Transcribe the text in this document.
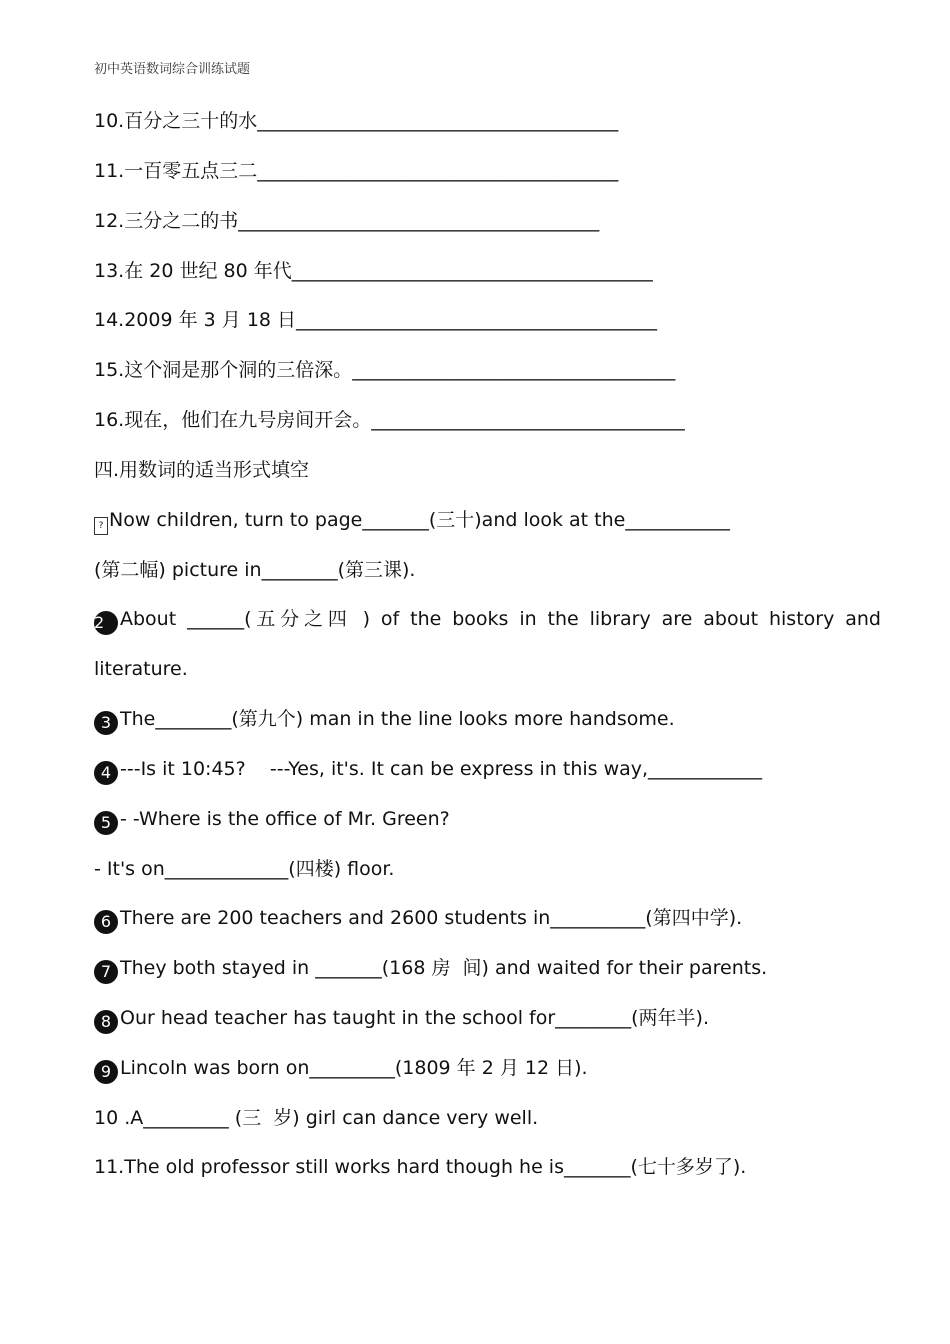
初中英语数词综合训练试题
10.百分之三十的水______________________________________
11.一百零五点三二______________________________________
12.三分之二的书______________________________________
13.在 20 世纪 80 年代______________________________________
14.2009 年 3 月 18 日______________________________________
15.这个洞是那个洞的三倍深。__________________________________
16.现在，他们在九号房间开会。_________________________________
四.用数词的适当形式填空
? Now children, turn to page_______(三十)and look at the___________
(第二幅) picture in________(第三课).
2 About ______(五分之四 ) of the books in the library are about history and
literature.
3 The________(第九个) man in the line looks more handsome.
4 ---Is it 10:45?    ---Yes, it's. It can be express in this way,____________
5 - -Where is the office of Mr. Green?
- It's on_____________(四楼) floor.
6 There are 200 teachers and 2600 students in__________(第四中学).
7 They both stayed in _______(168 房  间) and waited for their parents.
8 Our head teacher has taught in the school for________(两年半).
9 Lincoln was born on_________(1809 年 2 月 12 日).
10 .A_________ (三  岁) girl can dance very well.
11.The old professor still works hard though he is_______(七十多岁了).
